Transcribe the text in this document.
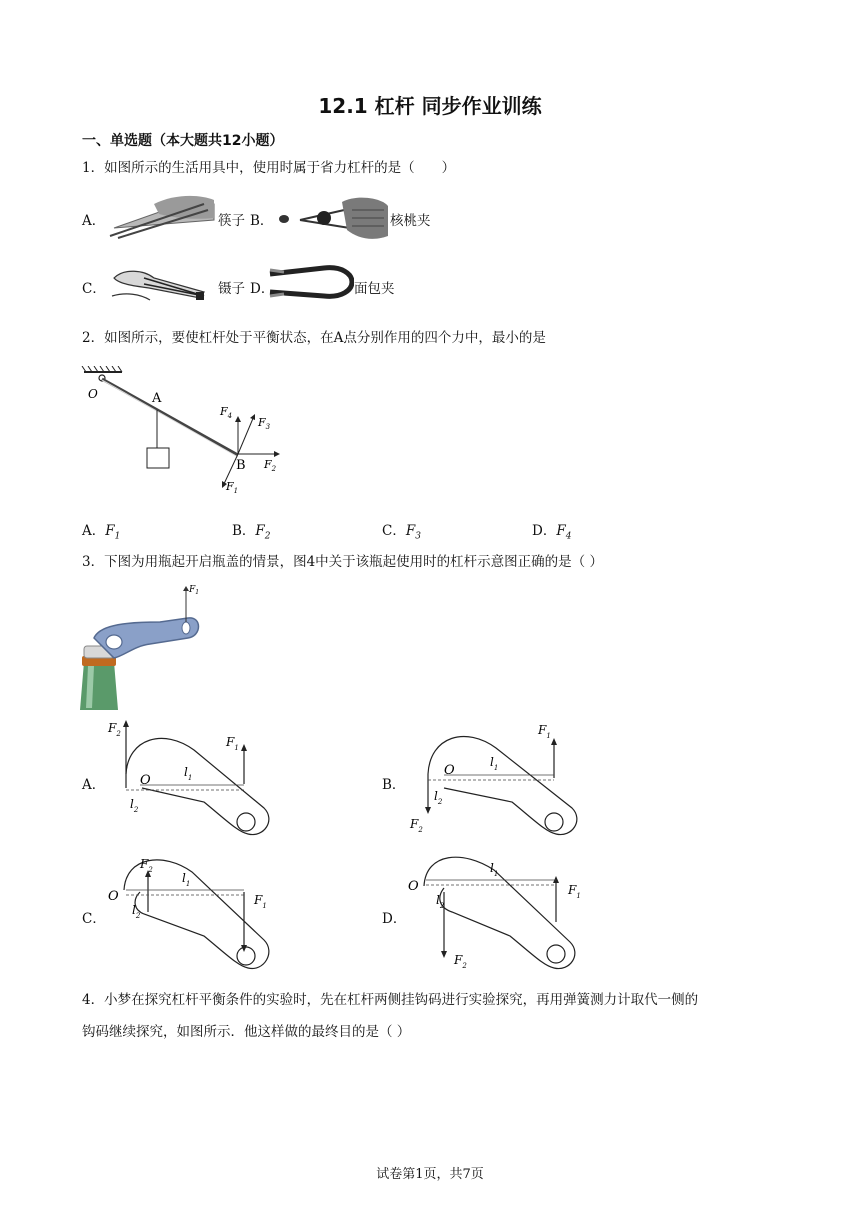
12.1 杠杆 同步作业训练
一、单选题（本大题共12小题）
1．如图所示的生活用具中，使用时属于省力杠杆的是（　　）
A．	筷子 B．	核桃夹
C．	镊子 D．	面包夹
2．如图所示，要使杠杆处于平衡状态，在A点分别作用的四个力中，最小的是
O	A
B
$F_4$ $F_3$
$F_2$
$F_1$
A．$F_1$	B．$F_2$	C．$F_3$	D．$F_4$
3．下图为用瓶起开启瓶盖的情景，图4中关于该瓶起使用时的杠杆示意图正确的是（ ）
$F_1$
A．
$F_2$
$F_1$
O
$l_1$
$l_2$
B．
$F_2$
$F_1$
O
$l_1$
$l_2$
C．
$F_2$
$F_1$
O
$l_1$
$l_2$	D．
$F_2$
$F_1$
O
$l_1$
$l_2$
4．小梦在探究杠杆平衡条件的实验时，先在杠杆两侧挂钩码进行实验探究，再用弹簧测力计取代一侧的
钩码继续探究，如图所示．他这样做的最终目的是（ ）
试卷第1页，共7页
